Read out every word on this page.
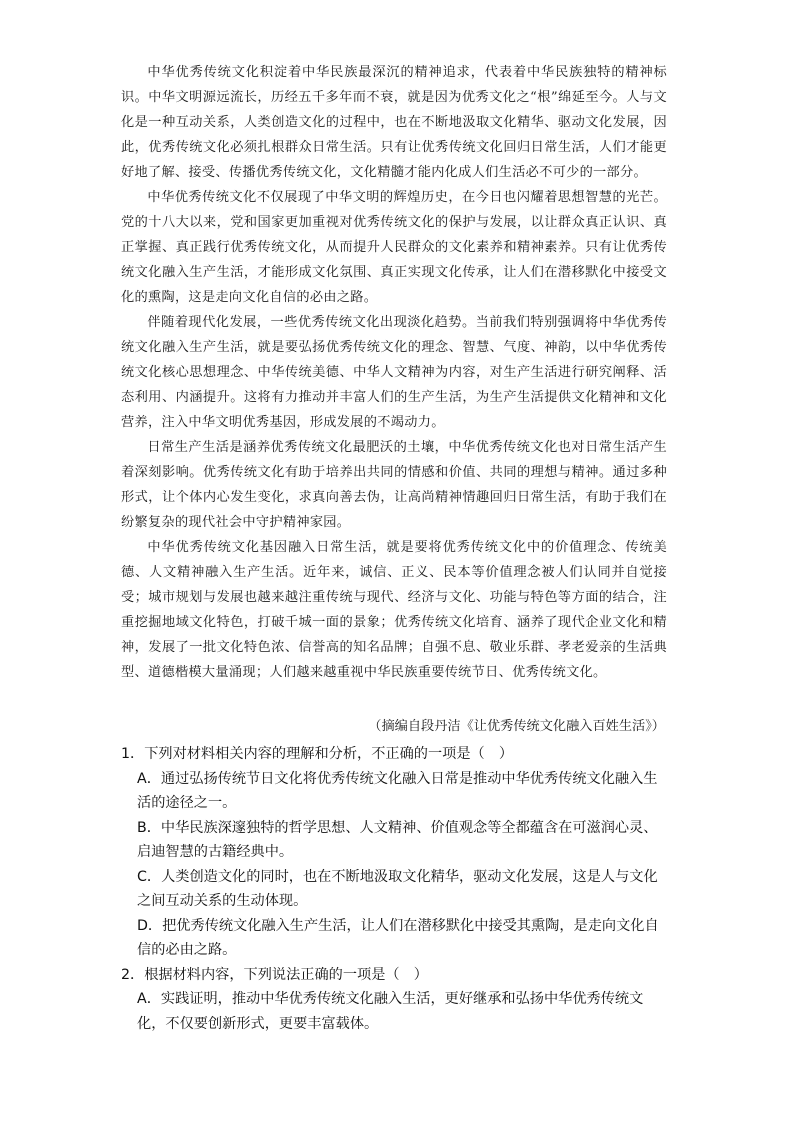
中华优秀传统文化积淀着中华民族最深沉的精神追求，代表着中华民族独特的精神标识。中华文明源远流长，历经五千多年而不衰，就是因为优秀文化之“根”绵延至今。人与文化是一种互动关系，人类创造文化的过程中，也在不断地汲取文化精华、驱动文化发展，因此，优秀传统文化必须扎根群众日常生活。只有让优秀传统文化回归日常生活，人们才能更好地了解、接受、传播优秀传统文化，文化精髓才能内化成人们生活必不可少的一部分。

中华优秀传统文化不仅展现了中华文明的辉煌历史，在今日也闪耀着思想智慧的光芒。党的十八大以来，党和国家更加重视对优秀传统文化的保护与发展，以让群众真正认识、真正掌握、真正践行优秀传统文化，从而提升人民群众的文化素养和精神素养。只有让优秀传统文化融入生产生活，才能形成文化氛围、真正实现文化传承，让人们在潜移默化中接受文化的熏陶，这是走向文化自信的必由之路。

伴随着现代化发展，一些优秀传统文化出现淡化趋势。当前我们特别强调将中华优秀传统文化融入生产生活，就是要弘扬优秀传统文化的理念、智慧、气度、神韵，以中华优秀传统文化核心思想理念、中华传统美德、中华人文精神为内容，对生产生活进行研究阐释、活态利用、内涵提升。这将有力推动并丰富人们的生产生活，为生产生活提供文化精神和文化营养，注入中华文明优秀基因，形成发展的不竭动力。

日常生产生活是涵养优秀传统文化最肥沃的土壤，中华优秀传统文化也对日常生活产生着深刻影响。优秀传统文化有助于培养出共同的情感和价值、共同的理想与精神。通过多种形式，让个体内心发生变化，求真向善去伪，让高尚精神情趣回归日常生活，有助于我们在纷繁复杂的现代社会中守护精神家园。

中华优秀传统文化基因融入日常生活，就是要将优秀传统文化中的价值理念、传统美德、人文精神融入生产生活。近年来，诚信、正义、民本等价值理念被人们认同并自觉接受；城市规划与发展也越来越注重传统与现代、经济与文化、功能与特色等方面的结合，注重挖掘地域文化特色，打破千城一面的景象；优秀传统文化培育、涵养了现代企业文化和精神，发展了一批文化特色浓、信誉高的知名品牌；自强不息、敬业乐群、孝老爱亲的生活典型、道德楷模大量涌现；人们越来越重视中华民族重要传统节日、优秀传统文化。

（摘编自段丹洁《让优秀传统文化融入百姓生活》）

1．下列对材料相关内容的理解和分析，不正确的一项是（　）

A．通过弘扬传统节日文化将优秀传统文化融入日常是推动中华优秀传统文化融入生活的途径之一。

B．中华民族深邃独特的哲学思想、人文精神、价值观念等全都蕴含在可滋润心灵、启迪智慧的古籍经典中。

C．人类创造文化的同时，也在不断地汲取文化精华，驱动文化发展，这是人与文化之间互动关系的生动体现。

D．把优秀传统文化融入生产生活，让人们在潜移默化中接受其熏陶，是走向文化自信的必由之路。

2．根据材料内容，下列说法正确的一项是（　）

A．实践证明，推动中华优秀传统文化融入生活，更好继承和弘扬中华优秀传统文化，不仅要创新形式，更要丰富载体。
